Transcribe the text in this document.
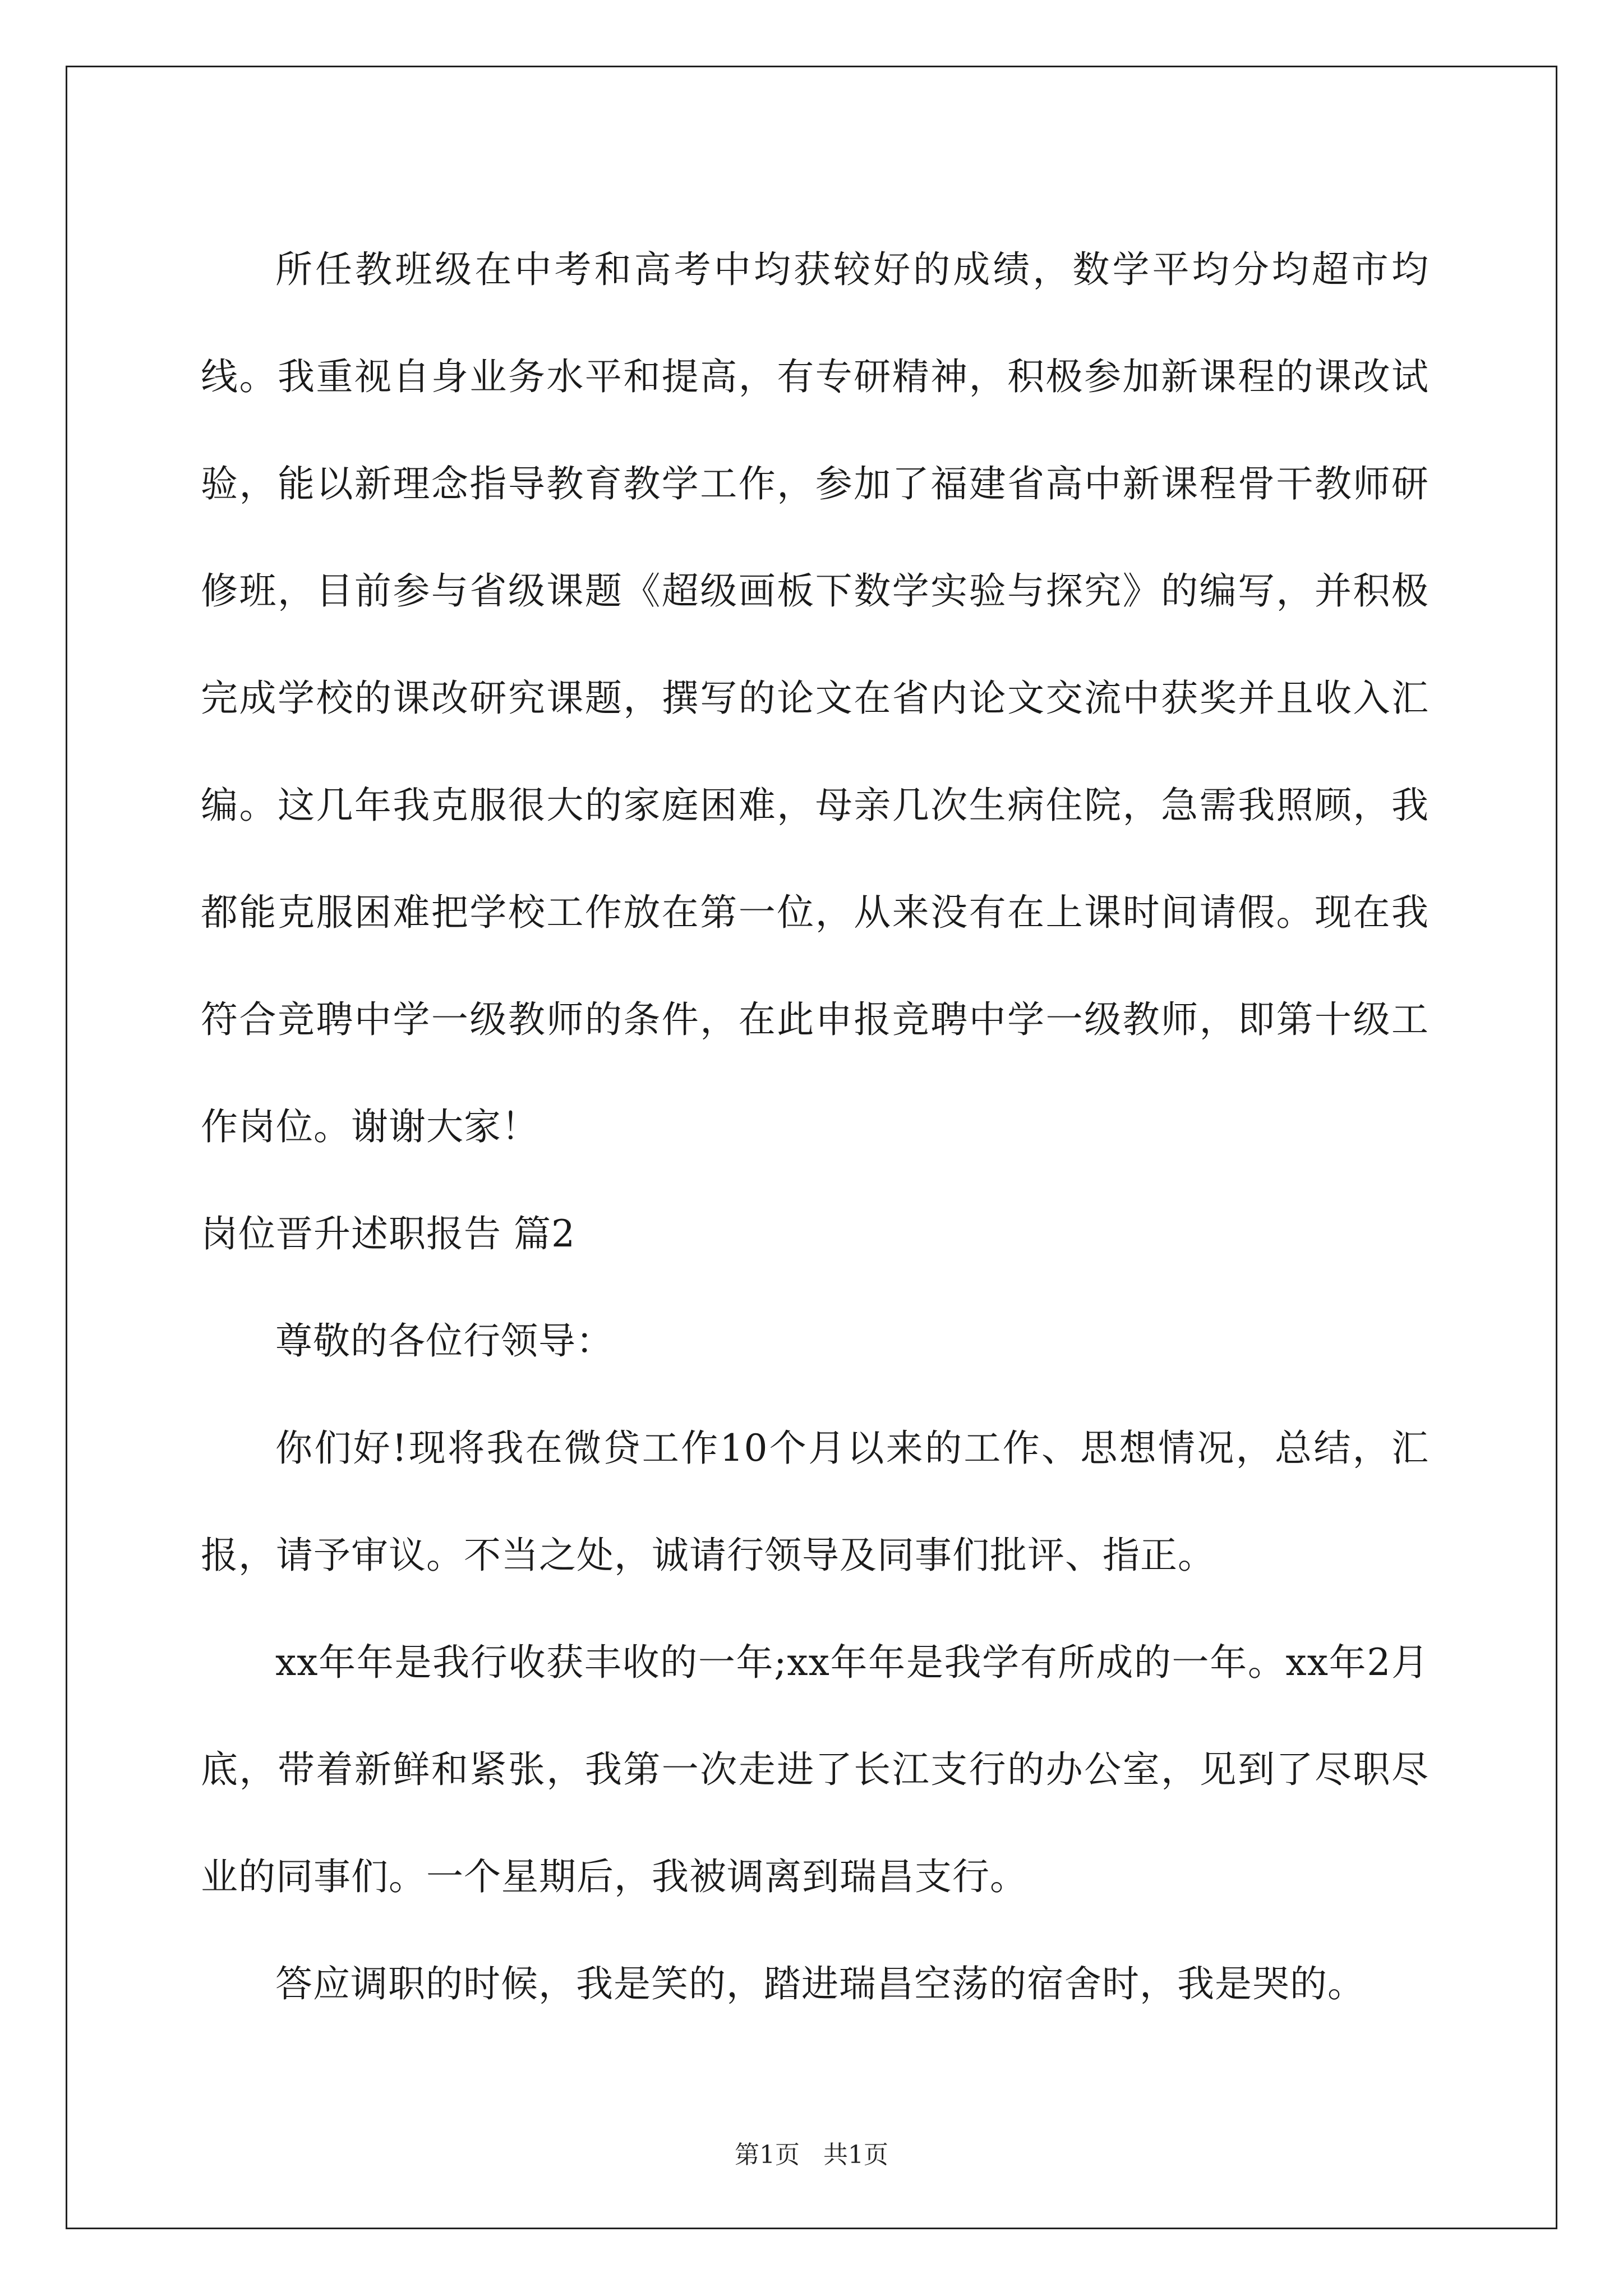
所任教班级在中考和高考中均获较好的成绩，数学平均分均超市均线。我重视自身业务水平和提高，有专研精神，积极参加新课程的课改试验，能以新理念指导教育教学工作，参加了福建省高中新课程骨干教师研修班，目前参与省级课题《超级画板下数学实验与探究》的编写，并积极完成学校的课改研究课题，撰写的论文在省内论文交流中获奖并且收入汇编。这几年我克服很大的家庭困难，母亲几次生病住院，急需我照顾，我都能克服困难把学校工作放在第一位，从来没有在上课时间请假。现在我符合竞聘中学一级教师的条件，在此申报竞聘中学一级教师，即第十级工作岗位。谢谢大家！

岗位晋升述职报告 篇2

尊敬的各位行领导：

你们好!现将我在微贷工作10个月以来的工作、思想情况，总结，汇报，请予审议。不当之处，诚请行领导及同事们批评、指正。

xx年年是我行收获丰收的一年;xx年年是我学有所成的一年。xx年2月底，带着新鲜和紧张，我第一次走进了长江支行的办公室，见到了尽职尽业的同事们。一个星期后，我被调离到瑞昌支行。

答应调职的时候，我是笑的，踏进瑞昌空荡的宿舍时，我是哭的。

第1页   共1页
